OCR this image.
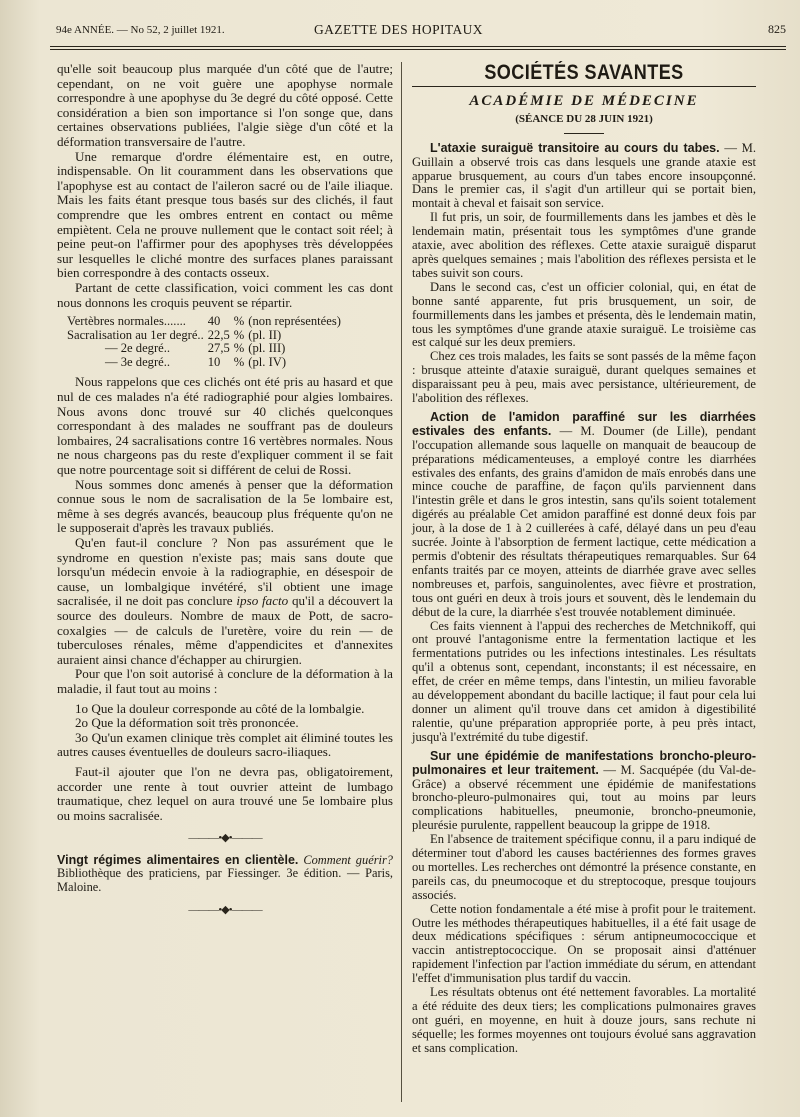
94e ANNÉE. — No 52, 2 juillet 1921.	GAZETTE DES HOPITAUX	825

qu'elle soit beaucoup plus marquée d'un côté que de l'autre; cependant, on ne voit guère une apophyse normale correspondre à une apophyse du 3e degré du côté opposé. Cette considération a bien son importance si l'on songe que, dans certaines observations publiées, l'algie siège d'un côté et la déformation transversaire de l'autre.

Une remarque d'ordre élémentaire est, en outre, indispensable. On lit couramment dans les observations que l'apophyse est au contact de l'aileron sacré ou de l'aile iliaque. Mais les faits étant presque tous basés sur des clichés, il faut comprendre que les ombres entrent en contact ou même empiètent. Cela ne prouve nullement que le contact soit réel; à peine peut-on l'affirmer pour des apophyses très développées sur lesquelles le cliché montre des surfaces planes paraissant bien correspondre à des contacts osseux.

Partant de cette classification, voici comment les cas dont nous donnons les croquis peuvent se répartir.

Vertèbres normales.......	40	%	(non représentées)
Sacralisation au 1er degré..	22,5	%	(pl. II)
— 2e degré..	27,5	%	(pl. III)
— 3e degré..	10	%	(pl. IV)

Nous rappelons que ces clichés ont été pris au hasard et que nul de ces malades n'a été radiographié pour algies lombaires. Nous avons donc trouvé sur 40 clichés quelconques correspondant à des malades ne souffrant pas de douleurs lombaires, 24 sacralisations contre 16 vertèbres normales. Nous ne nous chargeons pas du reste d'expliquer comment il se fait que notre pourcentage soit si différent de celui de Rossi.

Nous sommes donc amenés à penser que la déformation connue sous le nom de sacralisation de la 5e lombaire est, même à ses degrés avancés, beaucoup plus fréquente qu'on ne le supposerait d'après les travaux publiés.

Qu'en faut-il conclure ? Non pas assurément que le syndrome en question n'existe pas; mais sans doute que lorsqu'un médecin envoie à la radiographie, en désespoir de cause, un lombalgique invétéré, s'il obtient une image sacralisée, il ne doit pas conclure ipso facto qu'il a découvert la source des douleurs. Nombre de maux de Pott, de sacro-coxalgies — de calculs de l'uretère, voire du rein — de tuberculoses rénales, même d'appendicites et d'annexites auraient ainsi chance d'échapper au chirurgien.

Pour que l'on soit autorisé à conclure de la déformation à la maladie, il faut tout au moins :

1o Que la douleur corresponde au côté de la lombalgie.

2o Que la déformation soit très prononcée.

3o Qu'un examen clinique très complet ait éliminé toutes les autres causes éventuelles de douleurs sacro-iliaques.

Faut-il ajouter que l'on ne devra pas, obligatoirement, accorder une rente à tout ouvrier atteint de lumbago traumatique, chez lequel on aura trouvé une 5e lombaire plus ou moins sacralisée.

———•◆•———

Vingt régimes alimentaires en clientèle. Comment guérir? Bibliothèque des praticiens, par Fiessinger. 3e édition. — Paris, Maloine.

———•◆•———
SOCIÉTÉS SAVANTES
ACADÉMIE DE MÉDECINE
(SÉANCE DU 28 JUIN 1921)

L'ataxie suraiguë transitoire au cours du tabes. — M. Guillain a observé trois cas dans lesquels une grande ataxie est apparue brusquement, au cours d'un tabes encore insoupçonné. Dans le premier cas, il s'agit d'un artilleur qui se portait bien, montait à cheval et faisait son service.

Il fut pris, un soir, de fourmillements dans les jambes et dès le lendemain matin, présentait tous les symptômes d'une grande ataxie, avec abolition des réflexes. Cette ataxie suraiguë disparut après quelques semaines ; mais l'abolition des réflexes persista et le tabes suivit son cours.

Dans le second cas, c'est un officier colonial, qui, en état de bonne santé apparente, fut pris brusquement, un soir, de fourmillements dans les jambes et présenta, dès le lendemain matin, tous les symptômes d'une grande ataxie suraiguë. Le troisième cas est calqué sur les deux premiers.

Chez ces trois malades, les faits se sont passés de la même façon : brusque atteinte d'ataxie suraiguë, durant quelques semaines et disparaissant peu à peu, mais avec persistance, ultérieurement, de l'abolition des réflexes.

Action de l'amidon paraffiné sur les diarrhées estivales des enfants. — M. Doumer (de Lille), pendant l'occupation allemande sous laquelle on manquait de beaucoup de préparations médicamenteuses, a employé contre les diarrhées estivales des enfants, des grains d'amidon de maïs enrobés dans une mince couche de paraffine, de façon qu'ils parviennent dans l'intestin grêle et dans le gros intestin, sans qu'ils soient totalement digérés au préalable Cet amidon paraffiné est donné deux fois par jour, à la dose de 1 à 2 cuillerées à café, délayé dans un peu d'eau sucrée. Jointe à l'absorption de ferment lactique, cette médication a permis d'obtenir des résultats thérapeutiques remarquables. Sur 64 enfants traités par ce moyen, atteints de diarrhée grave avec selles nombreuses et, parfois, sanguinolentes, avec fièvre et prostration, tous ont guéri en deux à trois jours et souvent, dès le lendemain du début de la cure, la diarrhée s'est trouvée notablement diminuée.

Ces faits viennent à l'appui des recherches de Metchnikoff, qui ont prouvé l'antagonisme entre la fermentation lactique et les fermentations putrides ou les infections intestinales. Les résultats qu'il a obtenus sont, cependant, inconstants; il est nécessaire, en effet, de créer en même temps, dans l'intestin, un milieu favorable au développement abondant du bacille lactique; il faut pour cela lui donner un aliment qu'il trouve dans cet amidon à digestibilité ralentie, qu'une préparation appropriée porte, à peu près intact, jusqu'à l'extrémité du tube digestif.

Sur une épidémie de manifestations broncho-pleuro-pulmonaires et leur traitement. — M. Sacquépée (du Val-de-Grâce) a observé récemment une épidémie de manifestations broncho-pleuro-pulmonaires qui, tout au moins par leurs complications habituelles, pneumonie, broncho-pneumonie, pleurésie purulente, rappellent beaucoup la grippe de 1918.

En l'absence de traitement spécifique connu, il a paru indiqué de déterminer tout d'abord les causes bactériennes des formes graves ou mortelles. Les recherches ont démontré la présence constante, en pareils cas, du pneumocoque et du streptocoque, presque toujours associés.

Cette notion fondamentale a été mise à profit pour le traitement. Outre les méthodes thérapeutiques habituelles, il a été fait usage de deux médications spécifiques : sérum antipneumococcique et vaccin antistreptococcique. On se proposait ainsi d'atténuer rapidement l'infection par l'action immédiate du sérum, en attendant l'effet d'immunisation plus tardif du vaccin.

Les résultats obtenus ont été nettement favorables. La mortalité a été réduite des deux tiers; les complications pulmonaires graves ont guéri, en moyenne, en huit à douze jours, sans rechute ni séquelle; les formes moyennes ont toujours évolué sans aggravation et sans complication.
